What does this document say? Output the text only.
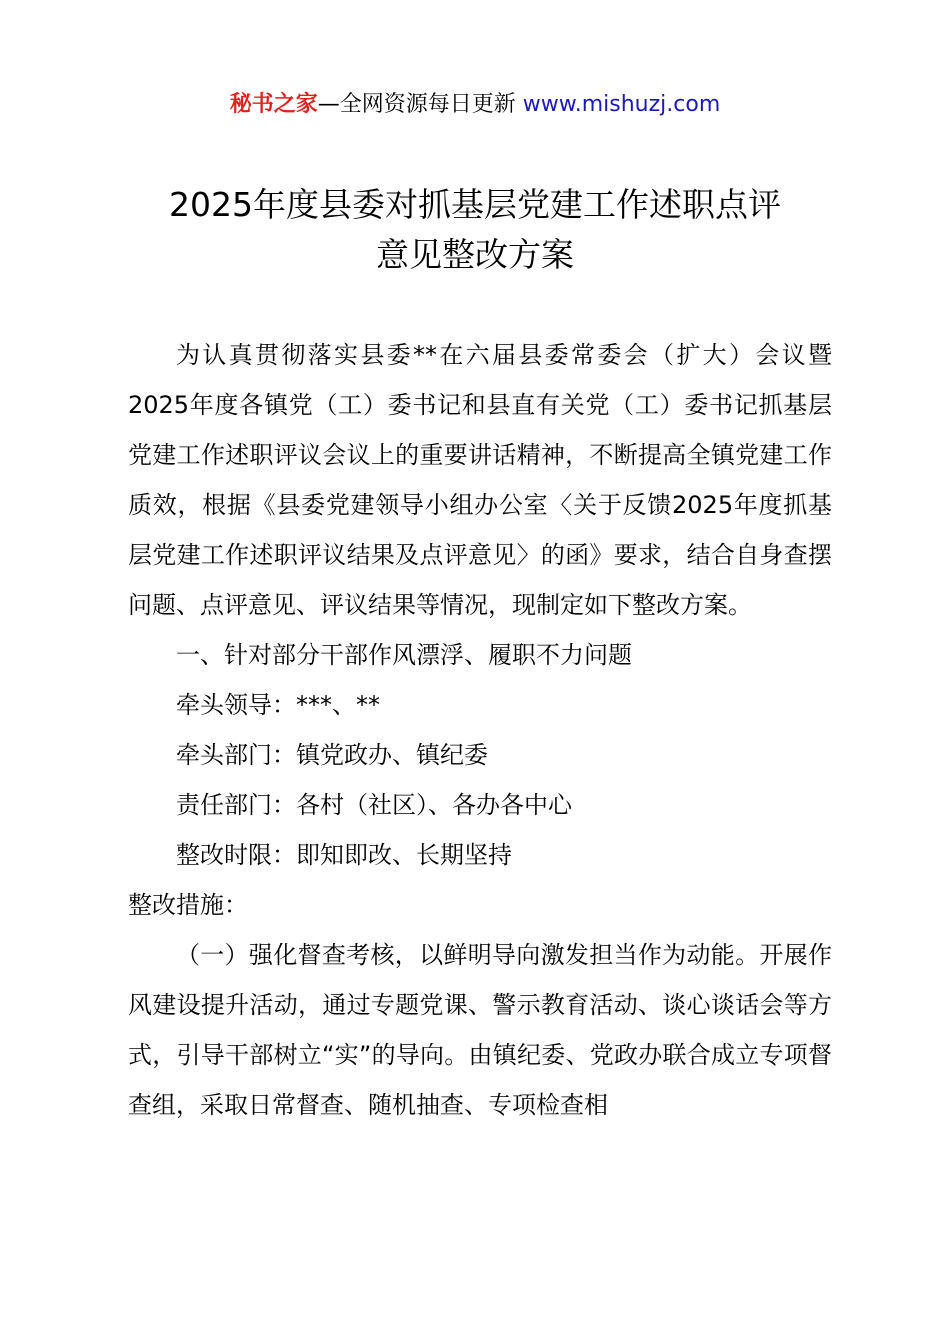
秘书之家—全网资源每日更新 www.mishuzj.com
2025年度县委对抓基层党建工作述职点评
意见整改方案

为认真贯彻落实县委**在六届县委常委会（扩大）会议暨2025年度各镇党（工）委书记和县直有关党（工）委书记抓基层党建工作述职评议会议上的重要讲话精神，不断提高全镇党建工作质效，根据《县委党建领导小组办公室〈关于反馈2025年度抓基层党建工作述职评议结果及点评意见〉的函》要求，结合自身查摆问题、点评意见、评议结果等情况，现制定如下整改方案。

一、针对部分干部作风漂浮、履职不力问题

牵头领导：***、**

牵头部门：镇党政办、镇纪委

责任部门：各村（社区）、各办各中心

整改时限：即知即改、长期坚持

整改措施：

（一）强化督查考核，以鲜明导向激发担当作为动能。开展作风建设提升活动，通过专题党课、警示教育活动、谈心谈话会等方式，引导干部树立“实”的导向。由镇纪委、党政办联合成立专项督查组，采取日常督查、随机抽查、专项检查相
